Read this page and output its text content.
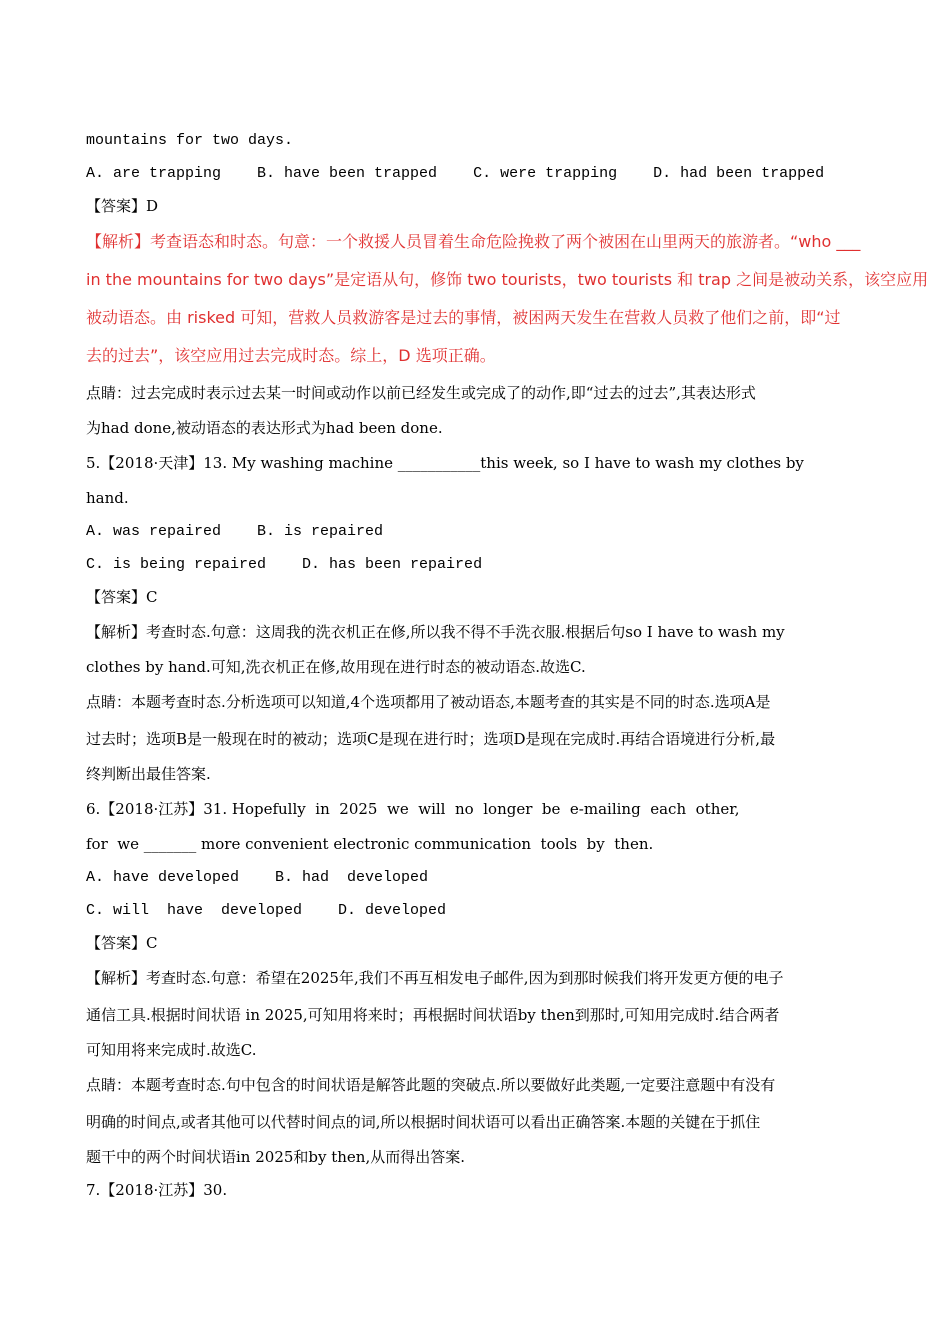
mountains for two days.
A. are trapping    B. have been trapped    C. were trapping    D. had been trapped
【答案】D
【解析】考查语态和时态。句意：一个救援人员冒着生命危险挽救了两个被困在山里两天的旅游者。“who ___
in the mountains for two days”是定语从句，修饰 two tourists，two tourists 和 trap 之间是被动关系，该空应用
被动语态。由 risked 可知，营救人员救游客是过去的事情，被困两天发生在营救人员救了他们之前，即“过
去的过去”，该空应用过去完成时态。综上，D 选项正确。
点睛：过去完成时表示过去某一时间或动作以前已经发生或完成了的动作,即“过去的过去”,其表达形式
为had done,被动语态的表达形式为had been done.
5.【2018·天津】13. My washing machine ___________this week, so I have to wash my clothes by
hand.
A. was repaired    B. is repaired
C. is being repaired    D. has been repaired
【答案】C
【解析】考查时态.句意：这周我的洗衣机正在修,所以我不得不手洗衣服.根据后句so I have to wash my
clothes by hand.可知,洗衣机正在修,故用现在进行时态的被动语态.故选C.
点睛：本题考查时态.分析选项可以知道,4个选项都用了被动语态,本题考查的其实是不同的时态.选项A是
过去时；选项B是一般现在时的被动；选项C是现在进行时；选项D是现在完成时.再结合语境进行分析,最
终判断出最佳答案.
6.【2018·江苏】31. Hopefully  in  2025  we  will  no  longer  be  e-mailing  each  other,
for  we _______ more convenient electronic communication  tools  by  then.
A. have developed    B. had  developed
C. will  have  developed    D. developed
【答案】C
【解析】考查时态.句意：希望在2025年,我们不再互相发电子邮件,因为到那时候我们将开发更方便的电子
通信工具.根据时间状语 in 2025,可知用将来时；再根据时间状语by then到那时,可知用完成时.结合两者
可知用将来完成时.故选C.
点睛：本题考查时态.句中包含的时间状语是解答此题的突破点.所以要做好此类题,一定要注意题中有没有
明确的时间点,或者其他可以代替时间点的词,所以根据时间状语可以看出正确答案.本题的关键在于抓住
题干中的两个时间状语in 2025和by then,从而得出答案.
7.【2018·江苏】30.
